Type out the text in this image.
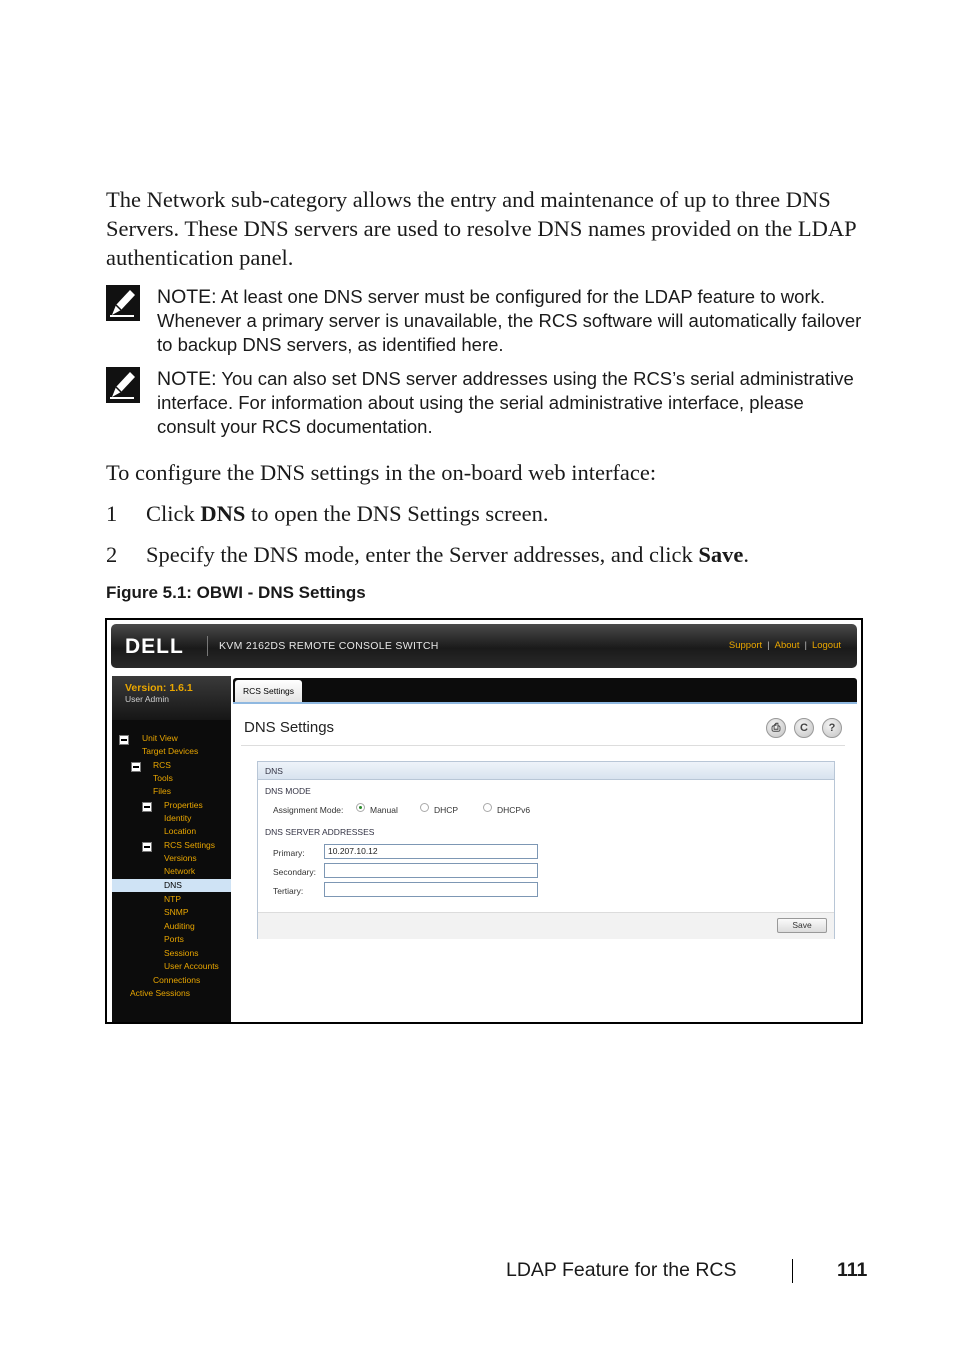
The Network sub-category allows the entry and maintenance of up to three DNS Servers. These DNS servers are used to resolve DNS names provided on the LDAP authentication panel.
NOTE: At least one DNS server must be configured for the LDAP feature to work. Whenever a primary server is unavailable, the RCS software will automatically failover to backup DNS servers, as identified here.
NOTE: You can also set DNS server addresses using the RCS’s serial administrative interface. For information about using the serial administrative interface, please consult your RCS documentation.
To configure the DNS settings in the on-board web interface:
1 Click DNS to open the DNS Settings screen.
2 Specify the DNS mode, enter the Server addresses, and click Save.
Figure 5.1: OBWI - DNS Settings
DELL	KVM 2162DS REMOTE CONSOLE SWITCH	Support | About | Logout
Version: 1.6.1
User Admin
Unit View
Target Devices
RCS
Tools
Files
Properties
Identity
Location
RCS Settings
Versions
Network
DNS
NTP
SNMP
Auditing
Ports
Sessions
User Accounts
Connections
Active Sessions
RCS Settings
DNS Settings	⎙	C	?
DNS
DNS MODE
Assignment Mode:	Manual	DHCP	DHCPv6
DNS SERVER ADDRESSES
Primary:	10.207.10.12
Secondary:
Tertiary:
Save
LDAP Feature for the RCS	111
